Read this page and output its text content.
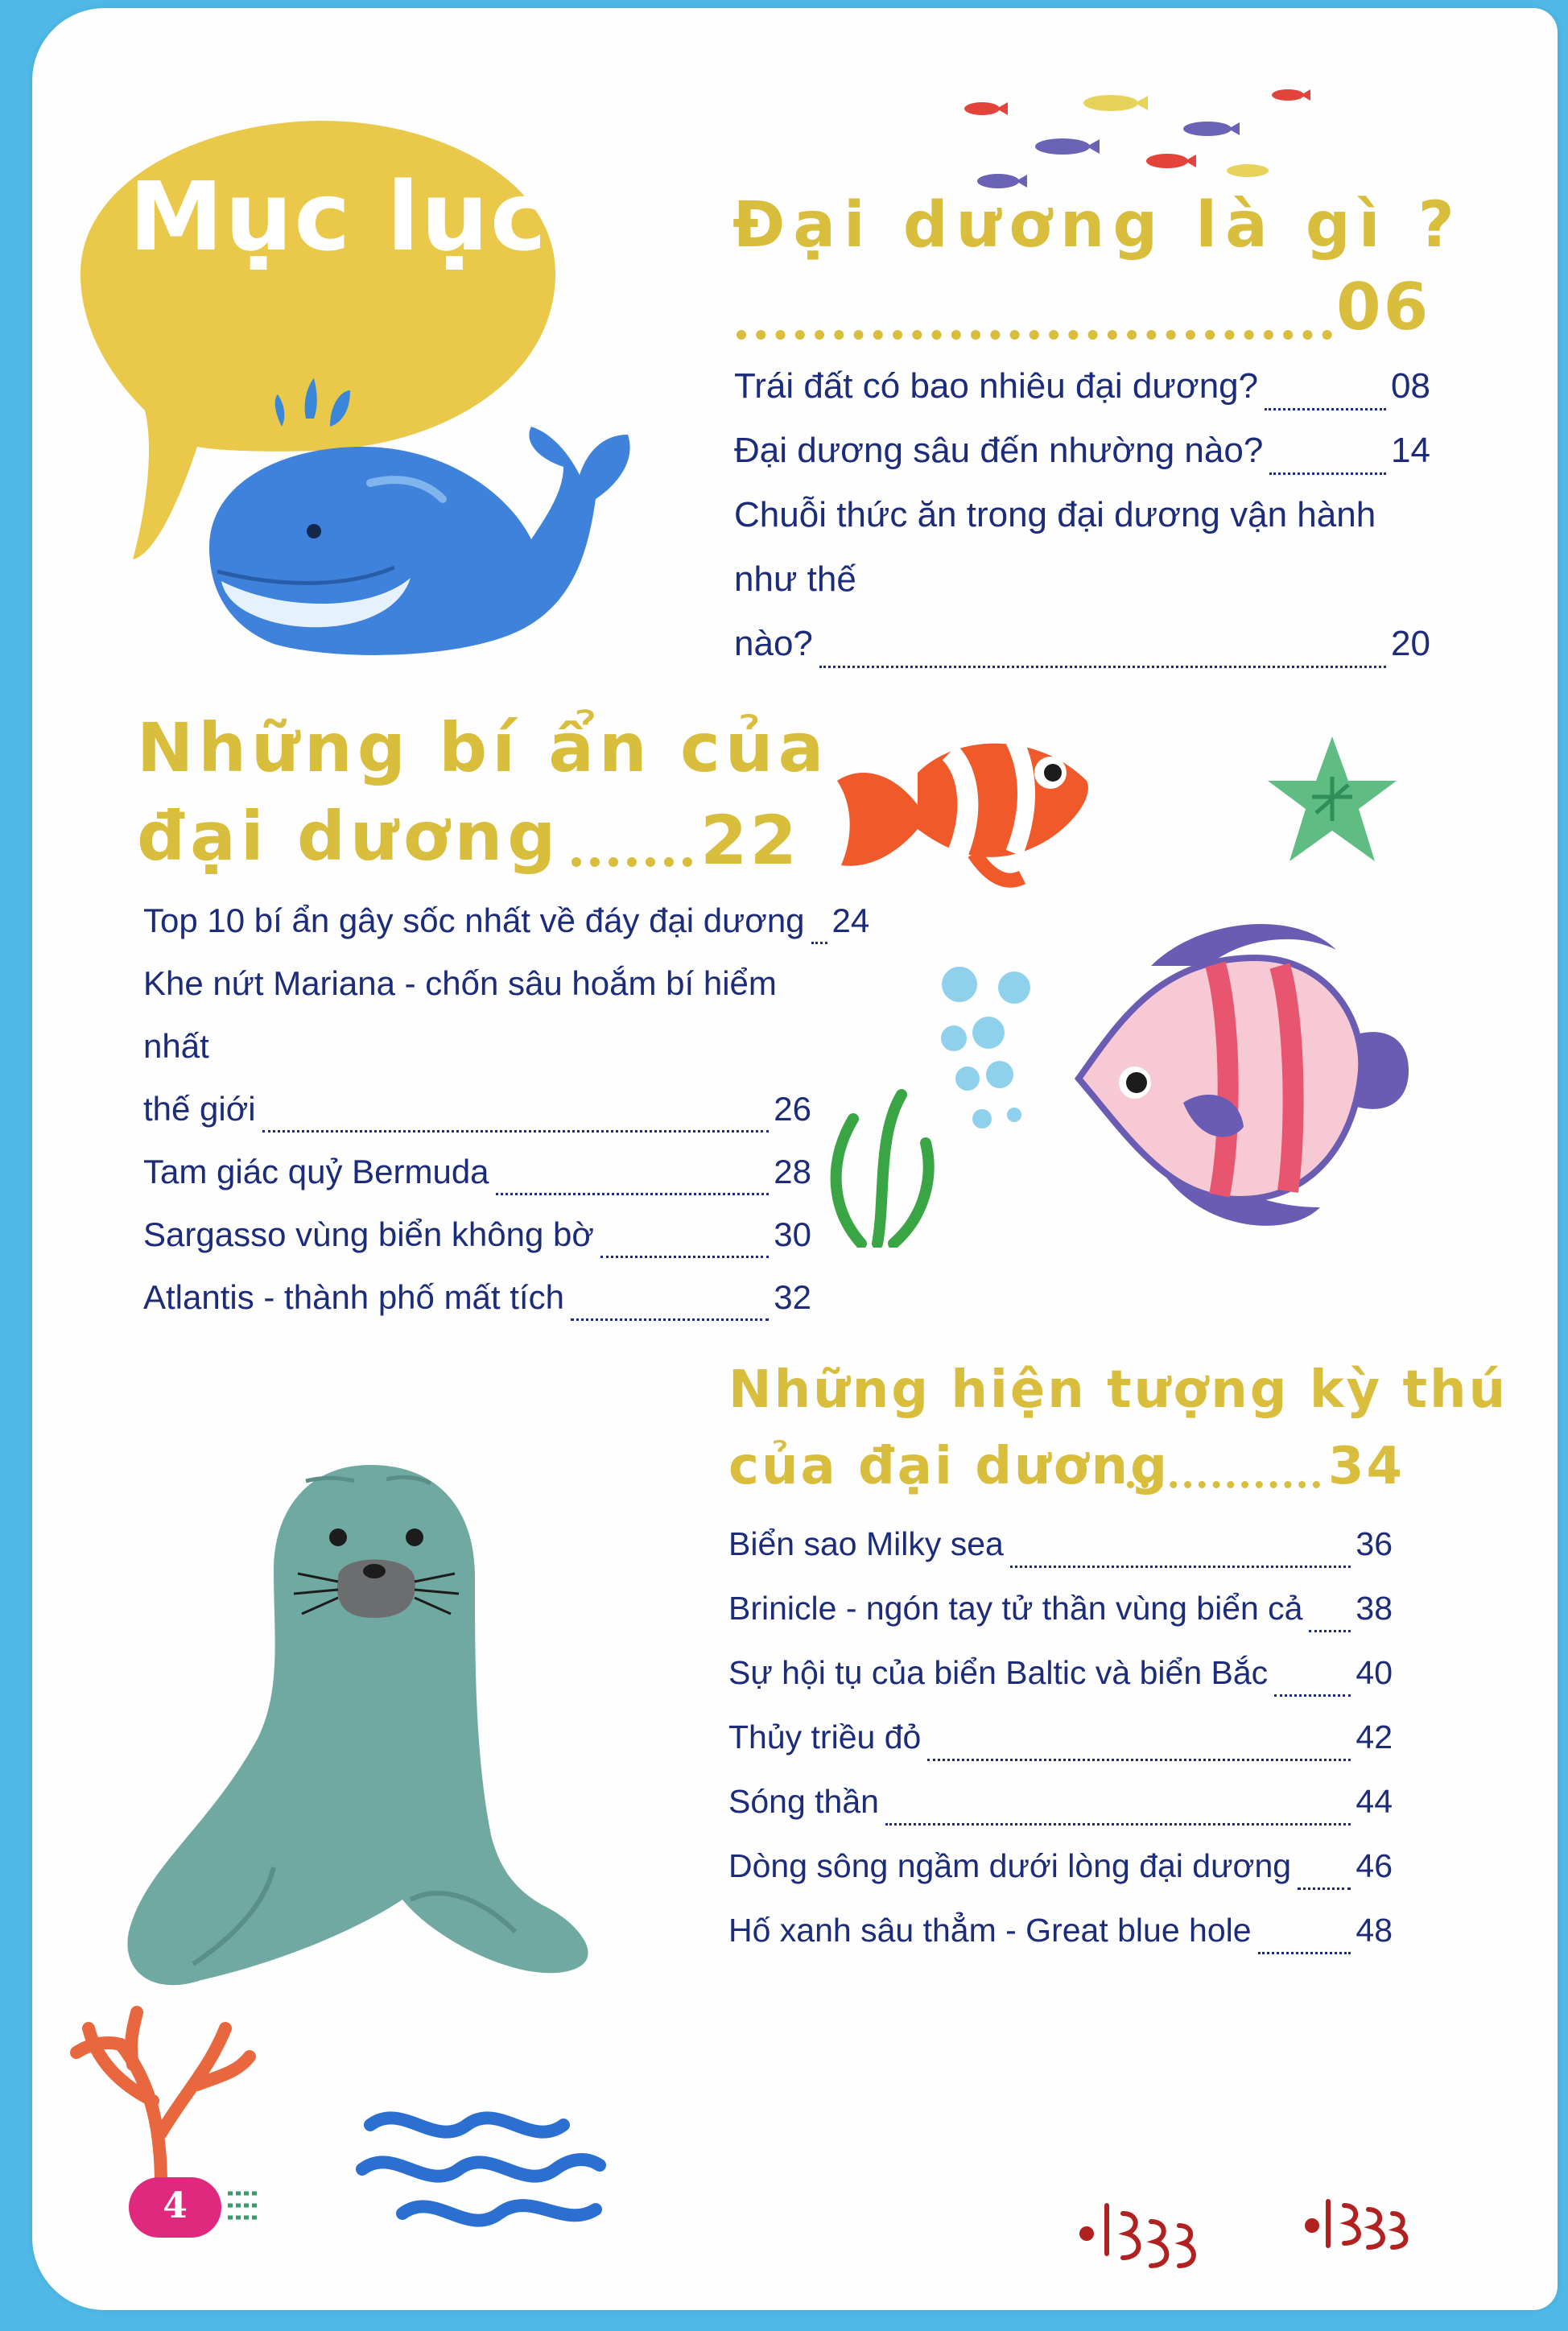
Mục lục	Đại dương là gì ?
06
Trái đất có bao nhiêu đại dương?	08
Đại dương sâu đến nhường nào?	14
Chuỗi thức ăn trong đại dương vận hành như thế
nào?	20
Những bí ẩn của
đại dương 22
Top 10 bí ẩn gây sốc nhất về đáy đại dương 24
Khe nứt Mariana - chốn sâu hoắm bí hiểm nhất
thế giới	26
Tam giác quỷ Bermuda	28
Sargasso vùng biển không bờ	30
Atlantis - thành phố mất tích	32
Những hiện tượng kỳ thú
của đại dương	34
Biển sao Milky sea	36
Brinicle - ngón tay tử thần vùng biển cả 38
Sự hội tụ của biển Baltic và biển Bắc	40
Thủy triều đỏ	42
Sóng thần	44
Dòng sông ngầm dưới lòng đại dương 46
Hố xanh sâu thẳm - Great blue hole	48
4
